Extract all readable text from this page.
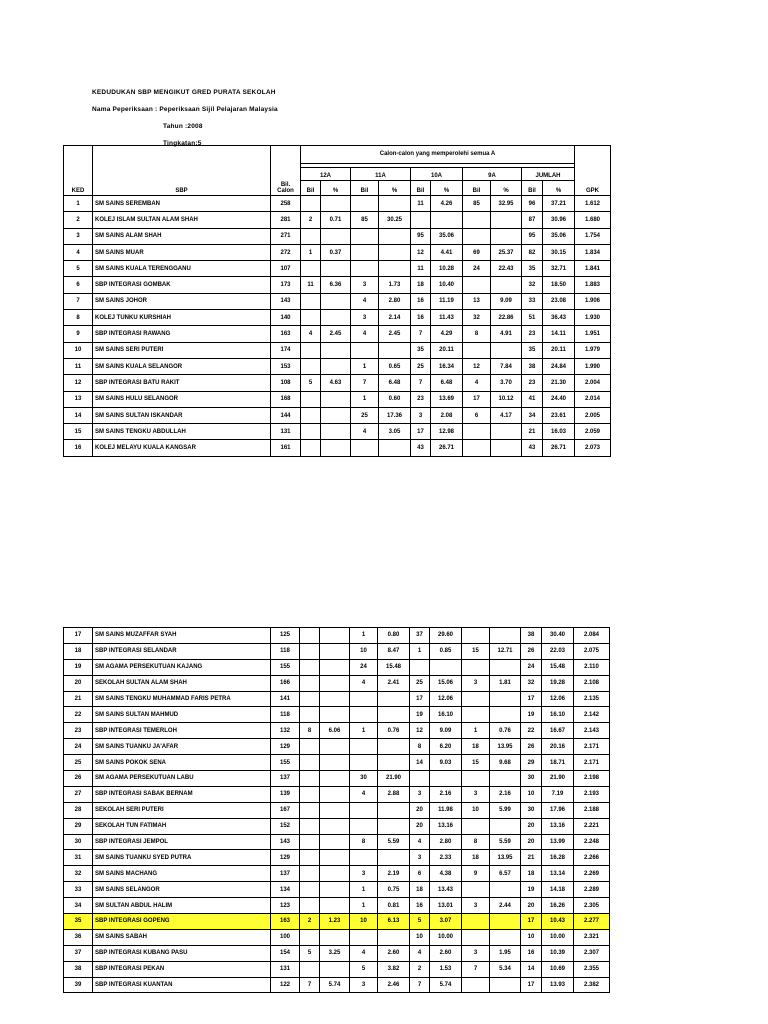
KEDUDUKAN SBP MENGIKUT GRED PURATA SEKOLAH
Nama Peperiksaan : Peperiksaan Sijil Pelajaran Malaysia
Tahun :2008
Tingkatan:5
KED	SBP	Bil. Calon	Calon-calon yang memperolehi semua A										GPK

			12A		11A		10A		9A		JUMLAH		
			Bil	%	Bil	%	Bil	%	Bil	%	Bil	%	
1	SM SAINS SEREMBAN	258					11	4.26	85	32.95	96	37.21	1.612
2	KOLEJ ISLAM SULTAN ALAM SHAH	281	2	0.71	85	30.25					87	30.96	1.680
3	SM SAINS ALAM SHAH	271					95	35.06			95	35.06	1.754
4	SM SAINS MUAR	272	1	0.37			12	4.41	69	25.37	82	30.15	1.834
5	SM SAINS KUALA TERENGGANU	107					11	10.28	24	22.43	35	32.71	1.841
6	SBP INTEGRASI GOMBAK	173	11	6.36	3	1.73	18	10.40			32	18.50	1.883
7	SM SAINS JOHOR	143			4	2.80	16	11.19	13	9.09	33	23.08	1.906
8	KOLEJ TUNKU KURSHIAH	140			3	2.14	16	11.43	32	22.86	51	36.43	1.930
9	SBP INTEGRASI RAWANG	163	4	2.45	4	2.45	7	4.29	8	4.91	23	14.11	1.951
10	SM SAINS SERI PUTERI	174					35	20.11			35	20.11	1.979
11	SM SAINS KUALA SELANGOR	153			1	0.65	25	16.34	12	7.84	38	24.84	1.990
12	SBP INTEGRASI BATU RAKIT	108	5	4.63	7	6.48	7	6.48	4	3.70	23	21.30	2.004
13	SM SAINS HULU SELANGOR	168			1	0.60	23	13.69	17	10.12	41	24.40	2.014
14	SM SAINS SULTAN ISKANDAR	144			25	17.36	3	2.08	6	4.17	34	23.61	2.005
15	SM SAINS TENGKU ABDULLAH	131			4	3.05	17	12.98			21	16.03	2.059
16	KOLEJ MELAYU KUALA KANGSAR	161					43	26.71			43	26.71	2.073
17	SM SAINS MUZAFFAR SYAH	125			1	0.80	37	29.60			38	30.40	2.084
18	SBP INTEGRASI SELANDAR	118			10	8.47	1	0.85	15	12.71	26	22.03	2.075
19	SM AGAMA PERSEKUTUAN KAJANG	155			24	15.48					24	15.48	2.110
20	SEKOLAH SULTAN ALAM SHAH	166			4	2.41	25	15.06	3	1.81	32	19.28	2.108
21	SM SAINS TENGKU MUHAMMAD FARIS PETRA	141					17	12.06			17	12.06	2.135
22	SM SAINS SULTAN MAHMUD	118					19	16.10			19	16.10	2.142
23	SBP INTEGRASI TEMERLOH	132	8	6.06	1	0.76	12	9.09	1	0.76	22	16.67	2.143
24	SM SAINS TUANKU JA'AFAR	129					8	6.20	18	13.95	26	20.16	2.171
25	SM SAINS POKOK SENA	155					14	9.03	15	9.68	29	18.71	2.171
26	SM AGAMA PERSEKUTUAN LABU	137			30	21.90					30	21.90	2.198
27	SBP INTEGRASI SABAK BERNAM	139			4	2.88	3	2.16	3	2.16	10	7.19	2.193
28	SEKOLAH SERI PUTERI	167					20	11.98	10	5.99	30	17.96	2.188
29	SEKOLAH TUN FATIMAH	152					20	13.16			20	13.16	2.221
30	SBP INTEGRASI JEMPOL	143			8	5.59	4	2.80	8	5.59	20	13.99	2.248
31	SM SAINS TUANKU SYED PUTRA	129					3	2.33	18	13.95	21	16.28	2.266
32	SM SAINS MACHANG	137			3	2.19	6	4.38	9	6.57	18	13.14	2.269
33	SM SAINS SELANGOR	134			1	0.75	18	13.43			19	14.18	2.289
34	SM SULTAN ABDUL HALIM	123			1	0.81	16	13.01	3	2.44	20	16.26	2.305
35	SBP INTEGRASI GOPENG	163	2	1.23	10	6.13	5	3.07			17	10.43	2.277
36	SM SAINS SABAH	100					10	10.00			10	10.00	2.321
37	SBP INTEGRASI KUBANG PASU	154	5	3.25	4	2.60	4	2.60	3	1.95	16	10.39	2.307
38	SBP INTEGRASI PEKAN	131			5	3.82	2	1.53	7	5.34	14	10.69	2.355
39	SBP INTEGRASI KUANTAN	122	7	5.74	3	2.46	7	5.74			17	13.93	2.382
